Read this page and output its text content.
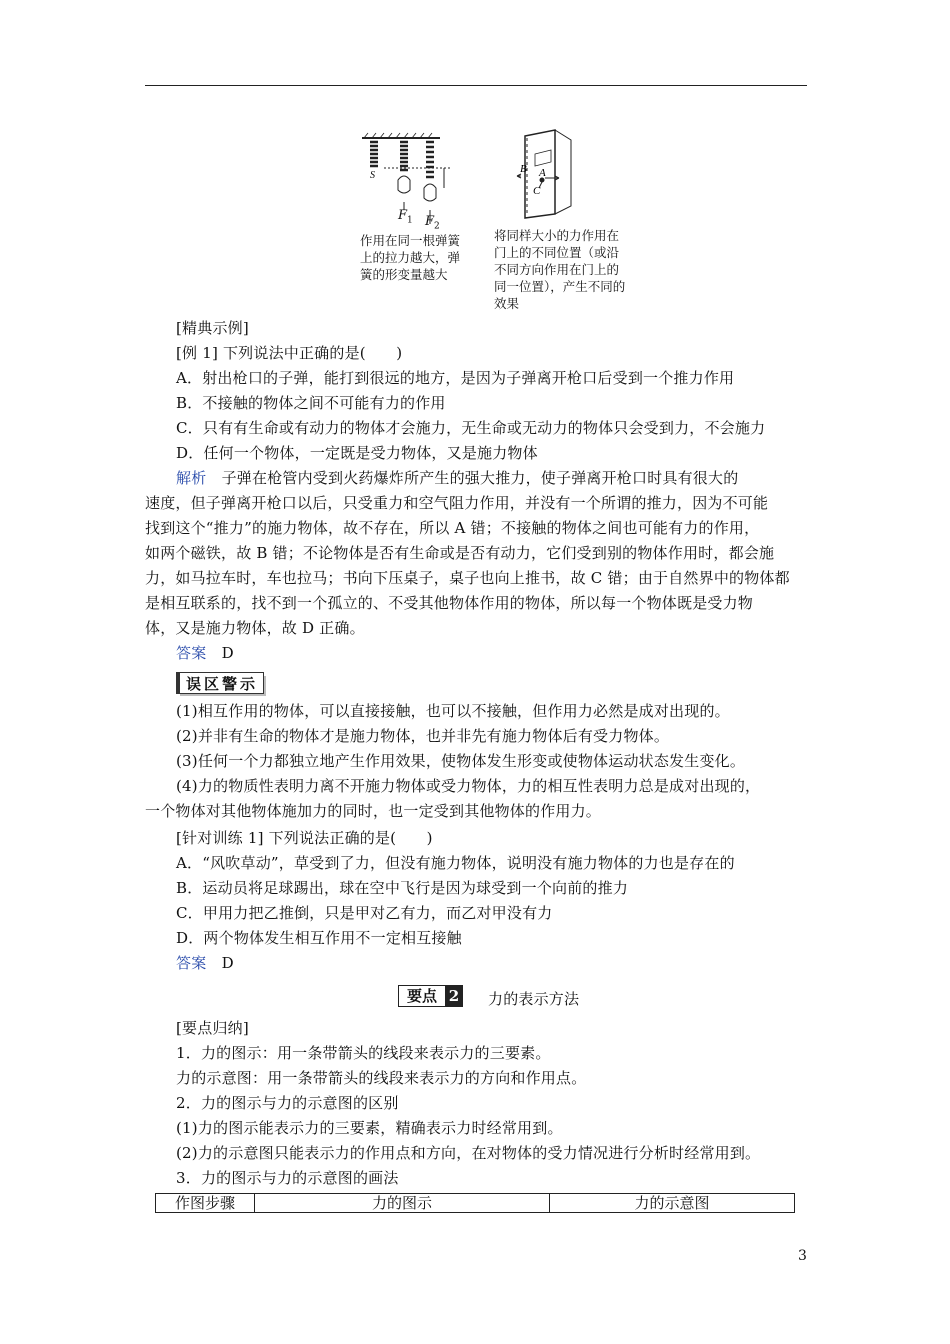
S
$F_1$ $F_2$
B A
C
作用在同一根弹簧
上的拉力越大，弹
簧的形变量越大
将同样大小的力作用在
门上的不同位置（或沿
不同方向作用在门上的
同一位置），产生不同的
效果
[精典示例]
[例 1] 下列说法中正确的是(　　)
A．射出枪口的子弹，能打到很远的地方，是因为子弹离开枪口后受到一个推力作用
B．不接触的物体之间不可能有力的作用
C．只有有生命或有动力的物体才会施力，无生命或无动力的物体只会受到力，不会施力
D．任何一个物体，一定既是受力物体，又是施力物体
解析　子弹在枪管内受到火药爆炸所产生的强大推力，使子弹离开枪口时具有很大的
速度，但子弹离开枪口以后，只受重力和空气阻力作用，并没有一个所谓的推力，因为不可能
找到这个“推力”的施力物体，故不存在，所以 A 错；不接触的物体之间也可能有力的作用，
如两个磁铁，故 B 错；不论物体是否有生命或是否有动力，它们受到别的物体作用时，都会施
力，如马拉车时，车也拉马；书向下压桌子，桌子也向上推书，故 C 错；由于自然界中的物体都
是相互联系的，找不到一个孤立的、不受其他物体作用的物体，所以每一个物体既是受力物
体，又是施力物体，故 D 正确。
答案　 D
误区警示
(1)相互作用的物体，可以直接接触，也可以不接触，但作用力必然是成对出现的。
(2)并非有生命的物体才是施力物体，也并非先有施力物体后有受力物体。
(3)任何一个力都独立地产生作用效果，使物体发生形变或使物体运动状态发生变化。
(4)力的物质性表明力离不开施力物体或受力物体，力的相互性表明力总是成对出现的，
一个物体对其他物体施加力的同时，也一定受到其他物体的作用力。
[针对训练 1] 下列说法正确的是(　　)
A．“风吹草动”，草受到了力，但没有施力物体，说明没有施力物体的力也是存在的
B．运动员将足球踢出，球在空中飞行是因为球受到一个向前的推力
C．甲用力把乙推倒，只是甲对乙有力，而乙对甲没有力
D．两个物体发生相互作用不一定相互接触
答案　 D
要点 2 力的表示方法
[要点归纳]
1．力的图示：用一条带箭头的线段来表示力的三要素。
力的示意图：用一条带箭头的线段来表示力的方向和作用点。
2．力的图示与力的示意图的区别
(1)力的图示能表示力的三要素，精确表示力时经常用到。
(2)力的示意图只能表示力的作用点和方向，在对物体的受力情况进行分析时经常用到。
3．力的图示与力的示意图的画法
作图步骤	力的图示	力的示意图
3
